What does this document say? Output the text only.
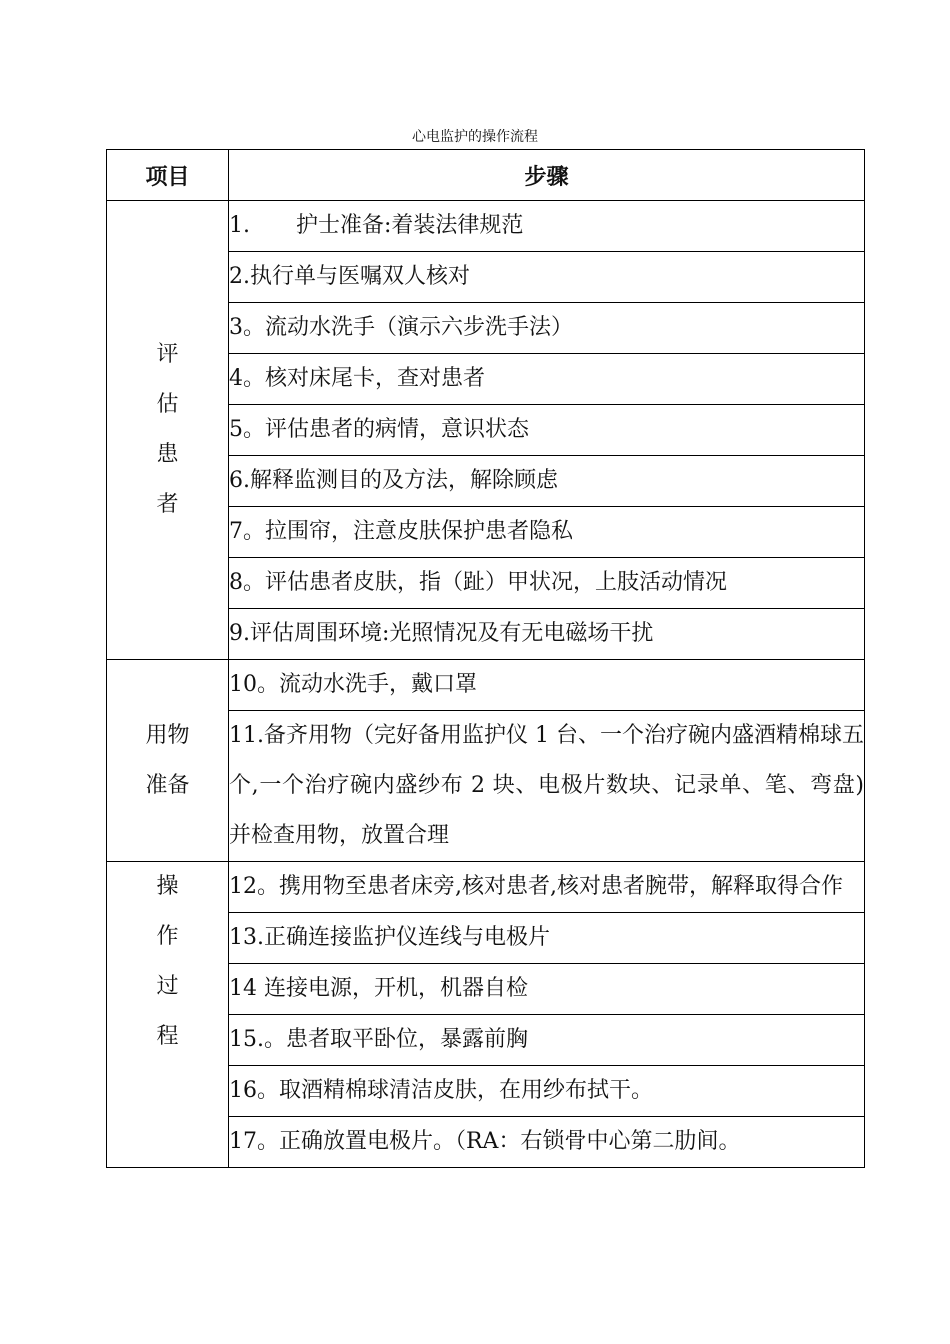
心电监护的操作流程
项目	步骤

评
估
患
者	1. 护士准备:着装法律规范

	2.执行单与医嘱双人核对

	3。流动水洗手（演示六步洗手法）

	4。核对床尾卡，查对患者

	5。评估患者的病情，意识状态

	6.解释监测目的及方法，解除顾虑

	7。拉围帘，注意皮肤保护患者隐私

	8。评估患者皮肤，指（趾）甲状况，上肢活动情况

	9.评估周围环境:光照情况及有无电磁场干扰

用物
准备	10。流动水洗手，戴口罩

	11.备齐用物（完好备用监护仪 1 台、一个治疗碗内盛酒精棉球五个,一个治疗碗内盛纱布 2 块、电极片数块、记录单、笔、弯盘)并检查用物，放置合理

操
作
过
程	12。携用物至患者床旁,核对患者,核对患者腕带，解释取得合作

	13.正确连接监护仪连线与电极片

	14 连接电源，开机，机器自检

	15.。患者取平卧位，暴露前胸

	16。取酒精棉球清洁皮肤，在用纱布拭干。

	17。正确放置电极片。（RA：右锁骨中心第二肋间。
